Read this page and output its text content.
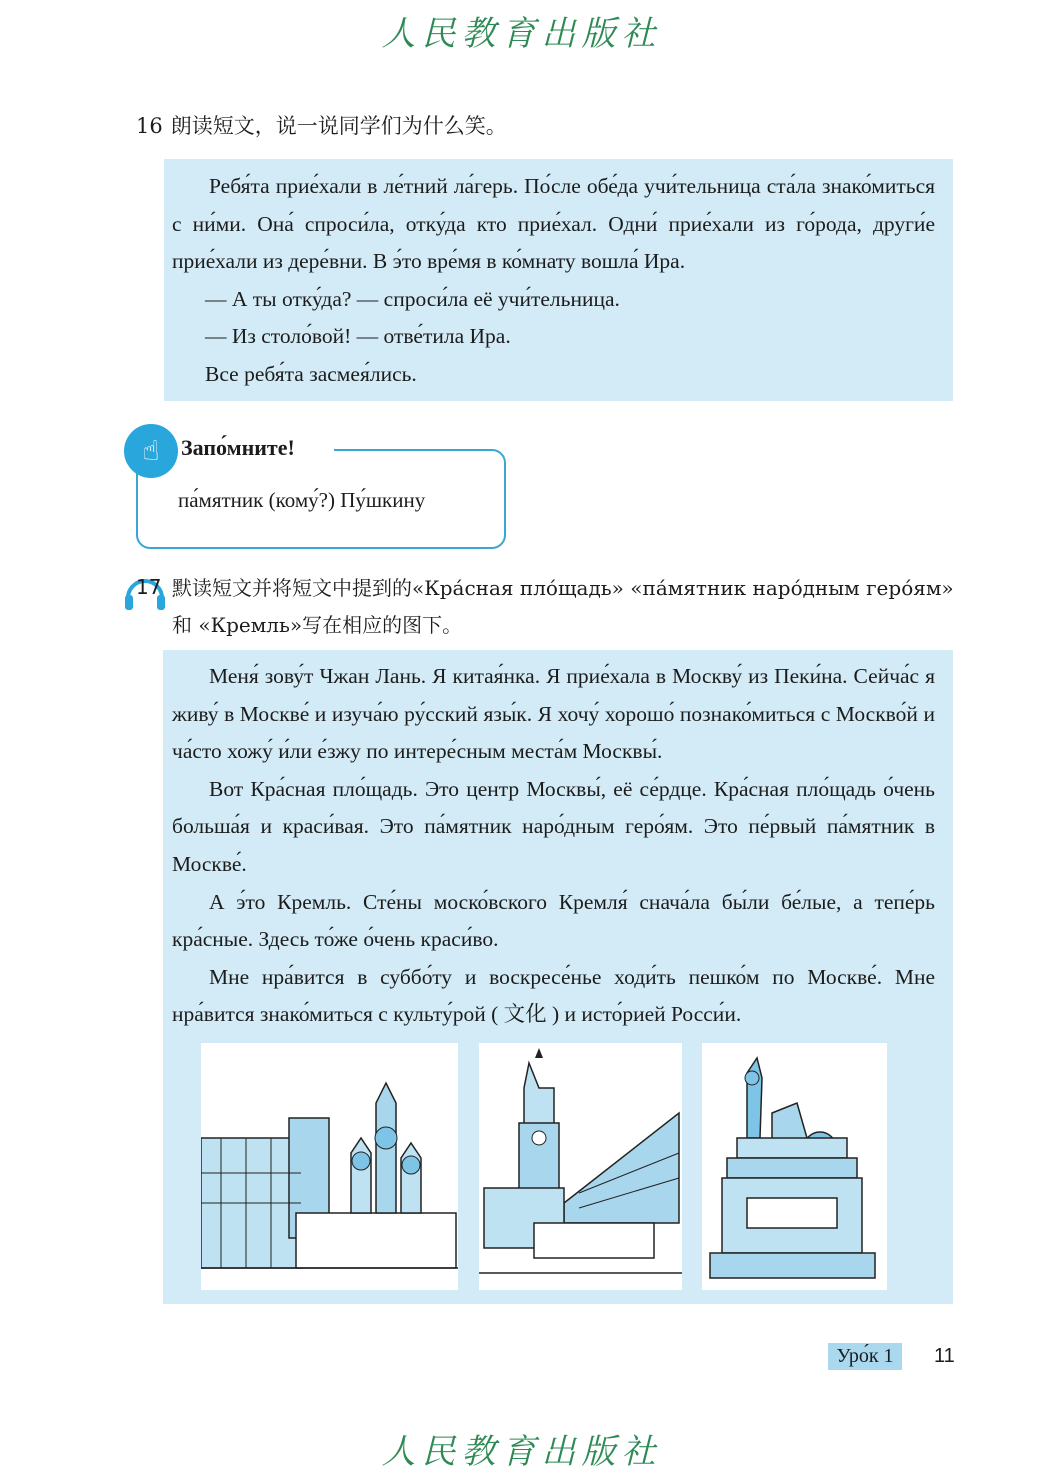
人民教育出版社
16 朗读短文，说一说同学们为什么笑。

Ребя́та прие́хали в ле́тний ла́герь. По́сле обе́да учи́тельница ста́ла знако́миться с ни́ми. Она́ спроси́ла, отку́да кто прие́хал. Одни́ прие́хали из го́рода, други́е прие́хали из дере́вни. В э́то вре́мя в ко́мнату вошла́ Ира.

— А ты отку́да? — спроси́ла её учи́тельница.

— Из столо́вой! — отве́тила Ира.

Все ребя́та засмея́лись.

☝ Запо́мните!
па́мятник (кому́?) Пу́шкину
17 默读短文并将短文中提到的«Кра́сная пло́щадь» «па́мятник наро́дным геро́ям»
和 «Кремль»写在相应的图下。

Меня́ зову́т Чжан Лань. Я китая́нка. Я прие́хала в Москву́ из Пеки́на. Сейча́с я живу́ в Москве́ и изуча́ю ру́сский язы́к. Я хочу́ хорошо́ познако́миться с Москво́й и ча́сто хожу́ и́ли е́зжу по интере́сным места́м Москвы́.

Вот Кра́сная пло́щадь. Это центр Москвы́, её се́рдце. Кра́сная пло́щадь о́чень больша́я и краси́вая. Это па́мятник наро́дным геро́ям. Это пе́рвый па́мятник в Москве́.

А э́то Кремль. Сте́ны моско́вского Кремля́ снача́ла бы́ли бе́лые, а тепе́рь кра́сные. Здесь то́же о́чень краси́во.

Мне нра́вится в суббо́ту и воскресе́нье ходи́ть пешко́м по Москве́. Мне нра́вится знако́миться с культу́рой ( 文化 ) и исто́рией Росси́и.

Уро́к 1	11
人民教育出版社
